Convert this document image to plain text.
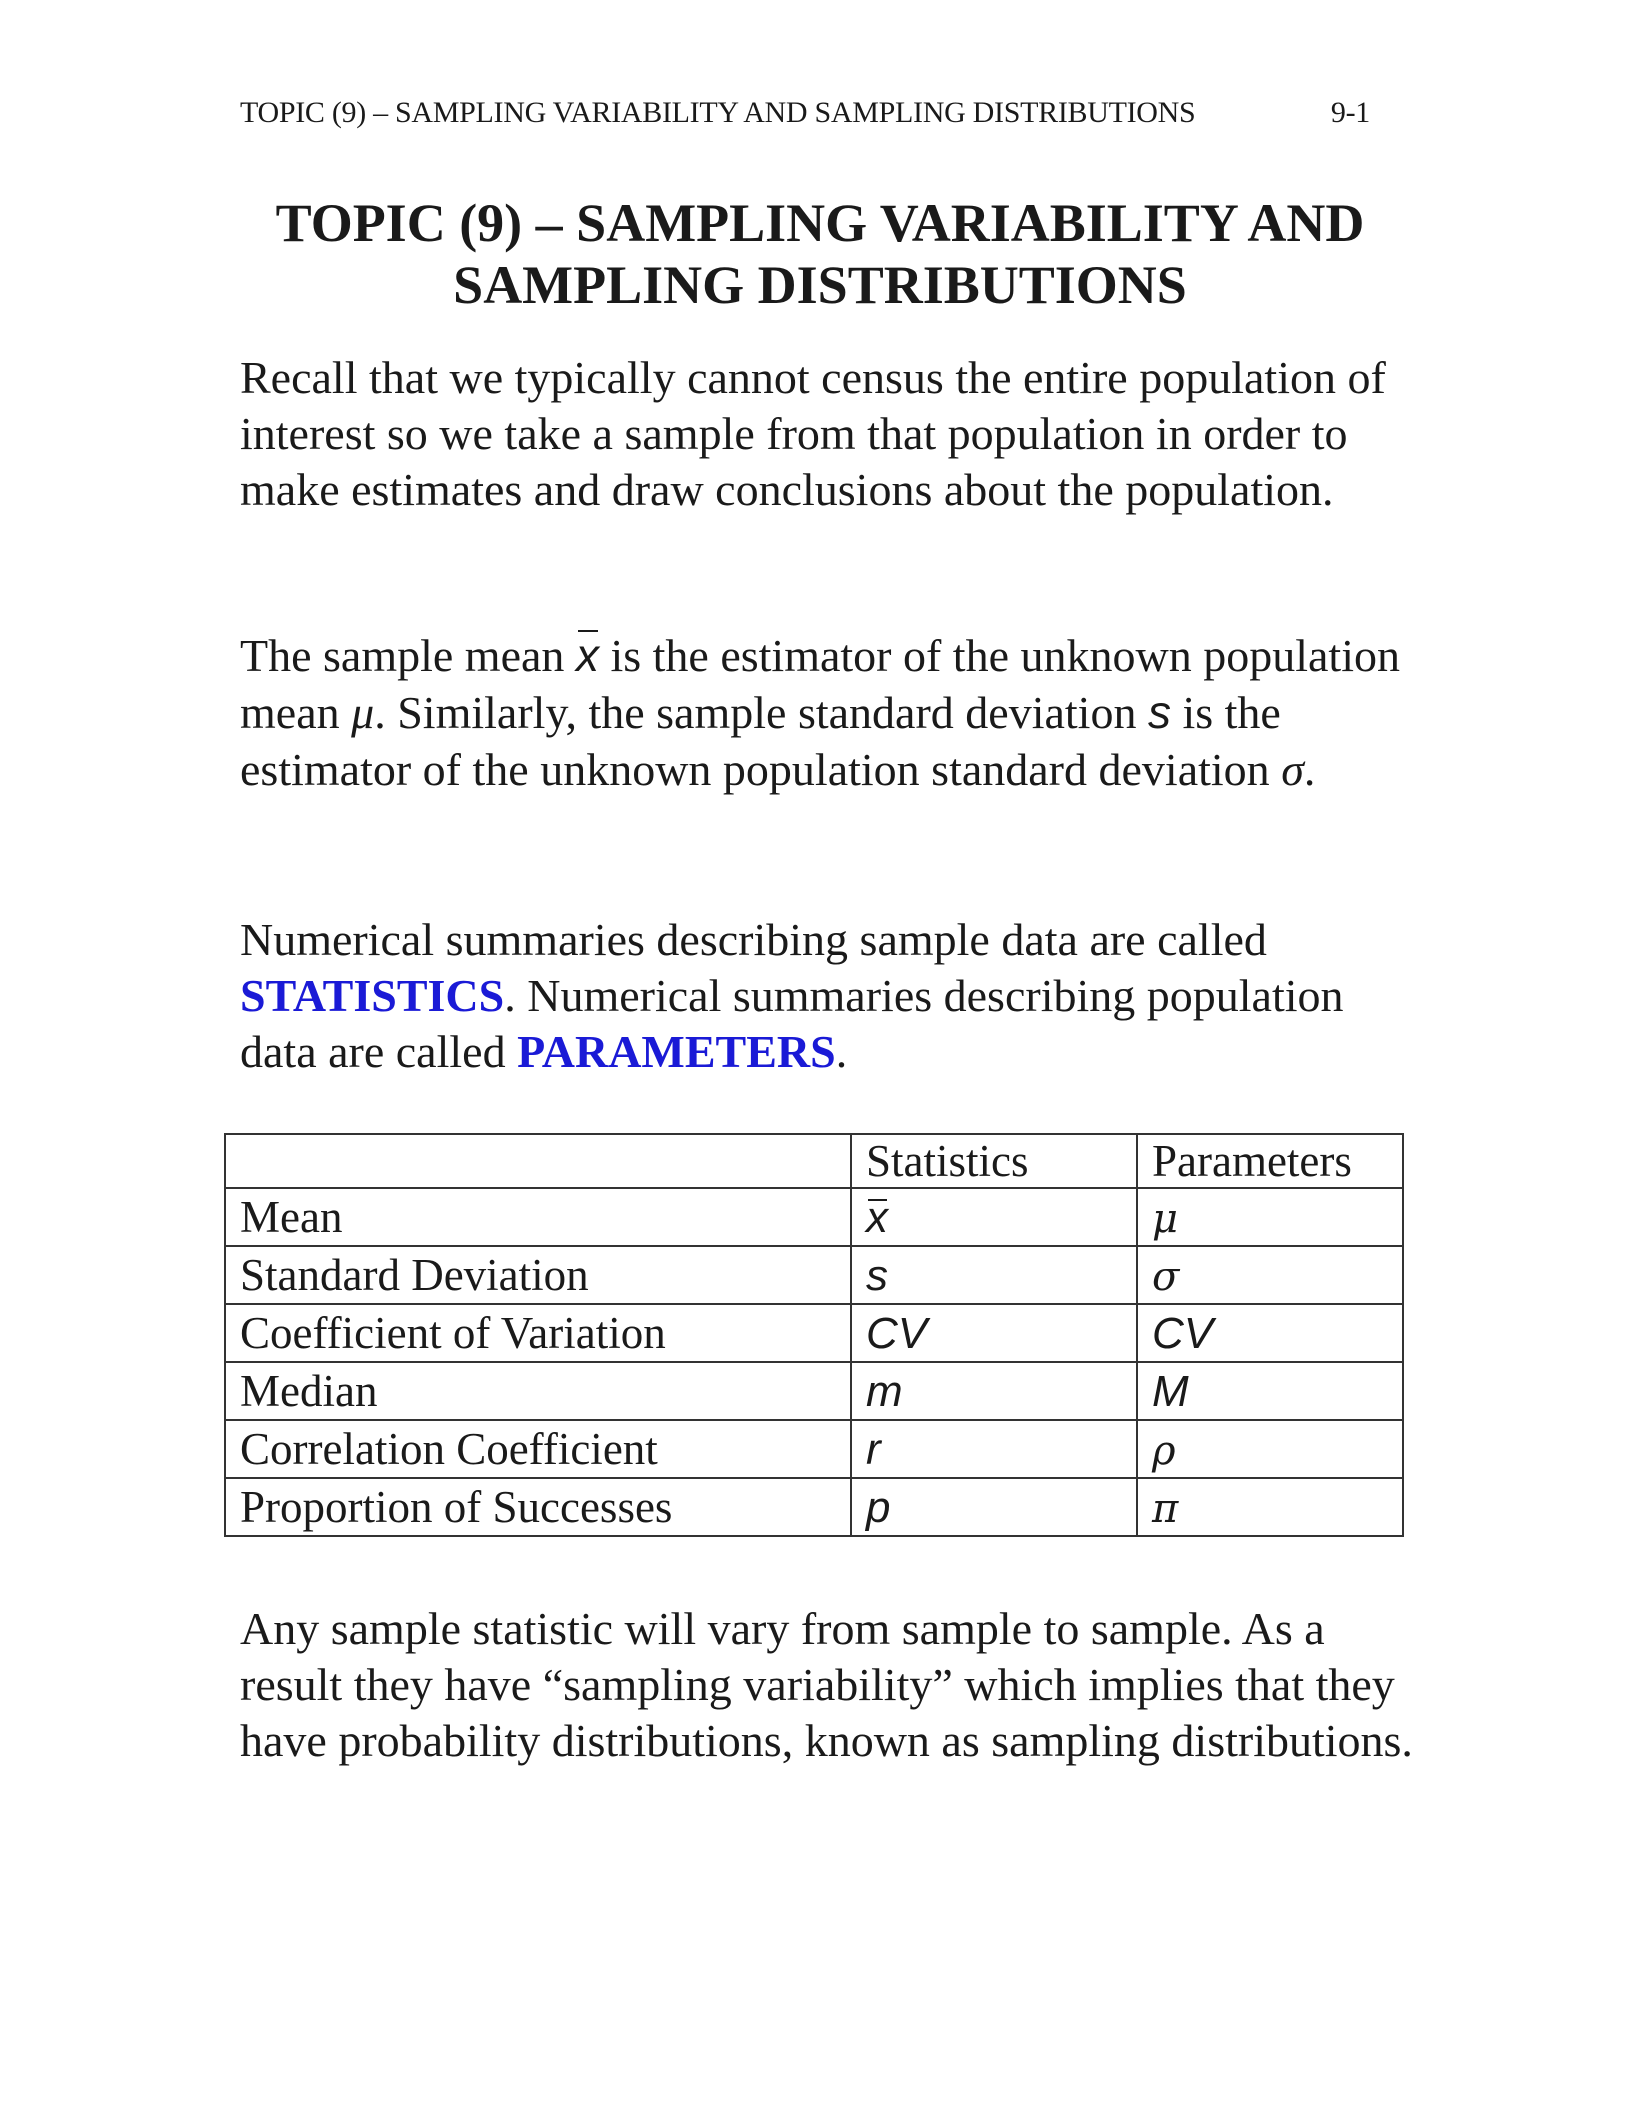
TOPIC (9) – SAMPLING VARIABILITY AND SAMPLING DISTRIBUTIONS	9-1
TOPIC (9) – SAMPLING VARIABILITY AND
SAMPLING DISTRIBUTIONS
Recall that we typically cannot census the entire population of interest so we take a sample from that population in order to make estimates and draw conclusions about the population.
The sample mean x is the estimator of the unknown population mean μ. Similarly, the sample standard deviation s is the estimator of the unknown population standard deviation σ.
Numerical summaries describing sample data are called STATISTICS. Numerical summaries describing population data are called PARAMETERS.
	Statistics	Parameters
Mean	x	μ
Standard Deviation	s	σ
Coefficient of Variation	CV	CV
Median	m	M
Correlation Coefficient	r	ρ
Proportion of Successes	p	π
Any sample statistic will vary from sample to sample. As a result they have “sampling variability” which implies that they have probability distributions, known as sampling distributions.
